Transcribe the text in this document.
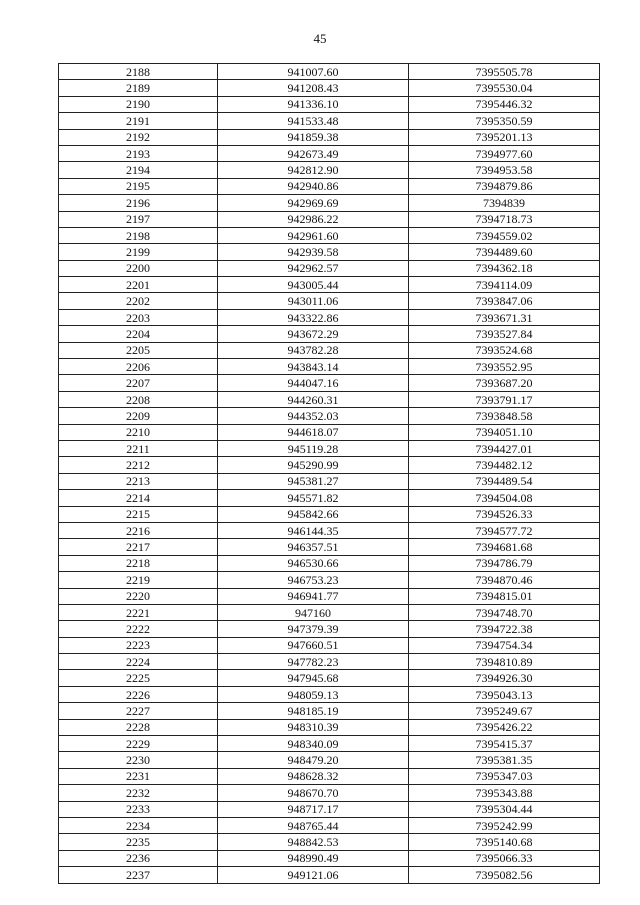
45
2188	941007.60	7395505.78
2189	941208.43	7395530.04
2190	941336.10	7395446.32
2191	941533.48	7395350.59
2192	941859.38	7395201.13
2193	942673.49	7394977.60
2194	942812.90	7394953.58
2195	942940.86	7394879.86
2196	942969.69	7394839
2197	942986.22	7394718.73
2198	942961.60	7394559.02
2199	942939.58	7394489.60
2200	942962.57	7394362.18
2201	943005.44	7394114.09
2202	943011.06	7393847.06
2203	943322.86	7393671.31
2204	943672.29	7393527.84
2205	943782.28	7393524.68
2206	943843.14	7393552.95
2207	944047.16	7393687.20
2208	944260.31	7393791.17
2209	944352.03	7393848.58
2210	944618.07	7394051.10
2211	945119.28	7394427.01
2212	945290.99	7394482.12
2213	945381.27	7394489.54
2214	945571.82	7394504.08
2215	945842.66	7394526.33
2216	946144.35	7394577.72
2217	946357.51	7394681.68
2218	946530.66	7394786.79
2219	946753.23	7394870.46
2220	946941.77	7394815.01
2221	947160	7394748.70
2222	947379.39	7394722.38
2223	947660.51	7394754.34
2224	947782.23	7394810.89
2225	947945.68	7394926.30
2226	948059.13	7395043.13
2227	948185.19	7395249.67
2228	948310.39	7395426.22
2229	948340.09	7395415.37
2230	948479.20	7395381.35
2231	948628.32	7395347.03
2232	948670.70	7395343.88
2233	948717.17	7395304.44
2234	948765.44	7395242.99
2235	948842.53	7395140.68
2236	948990.49	7395066.33
2237	949121.06	7395082.56
